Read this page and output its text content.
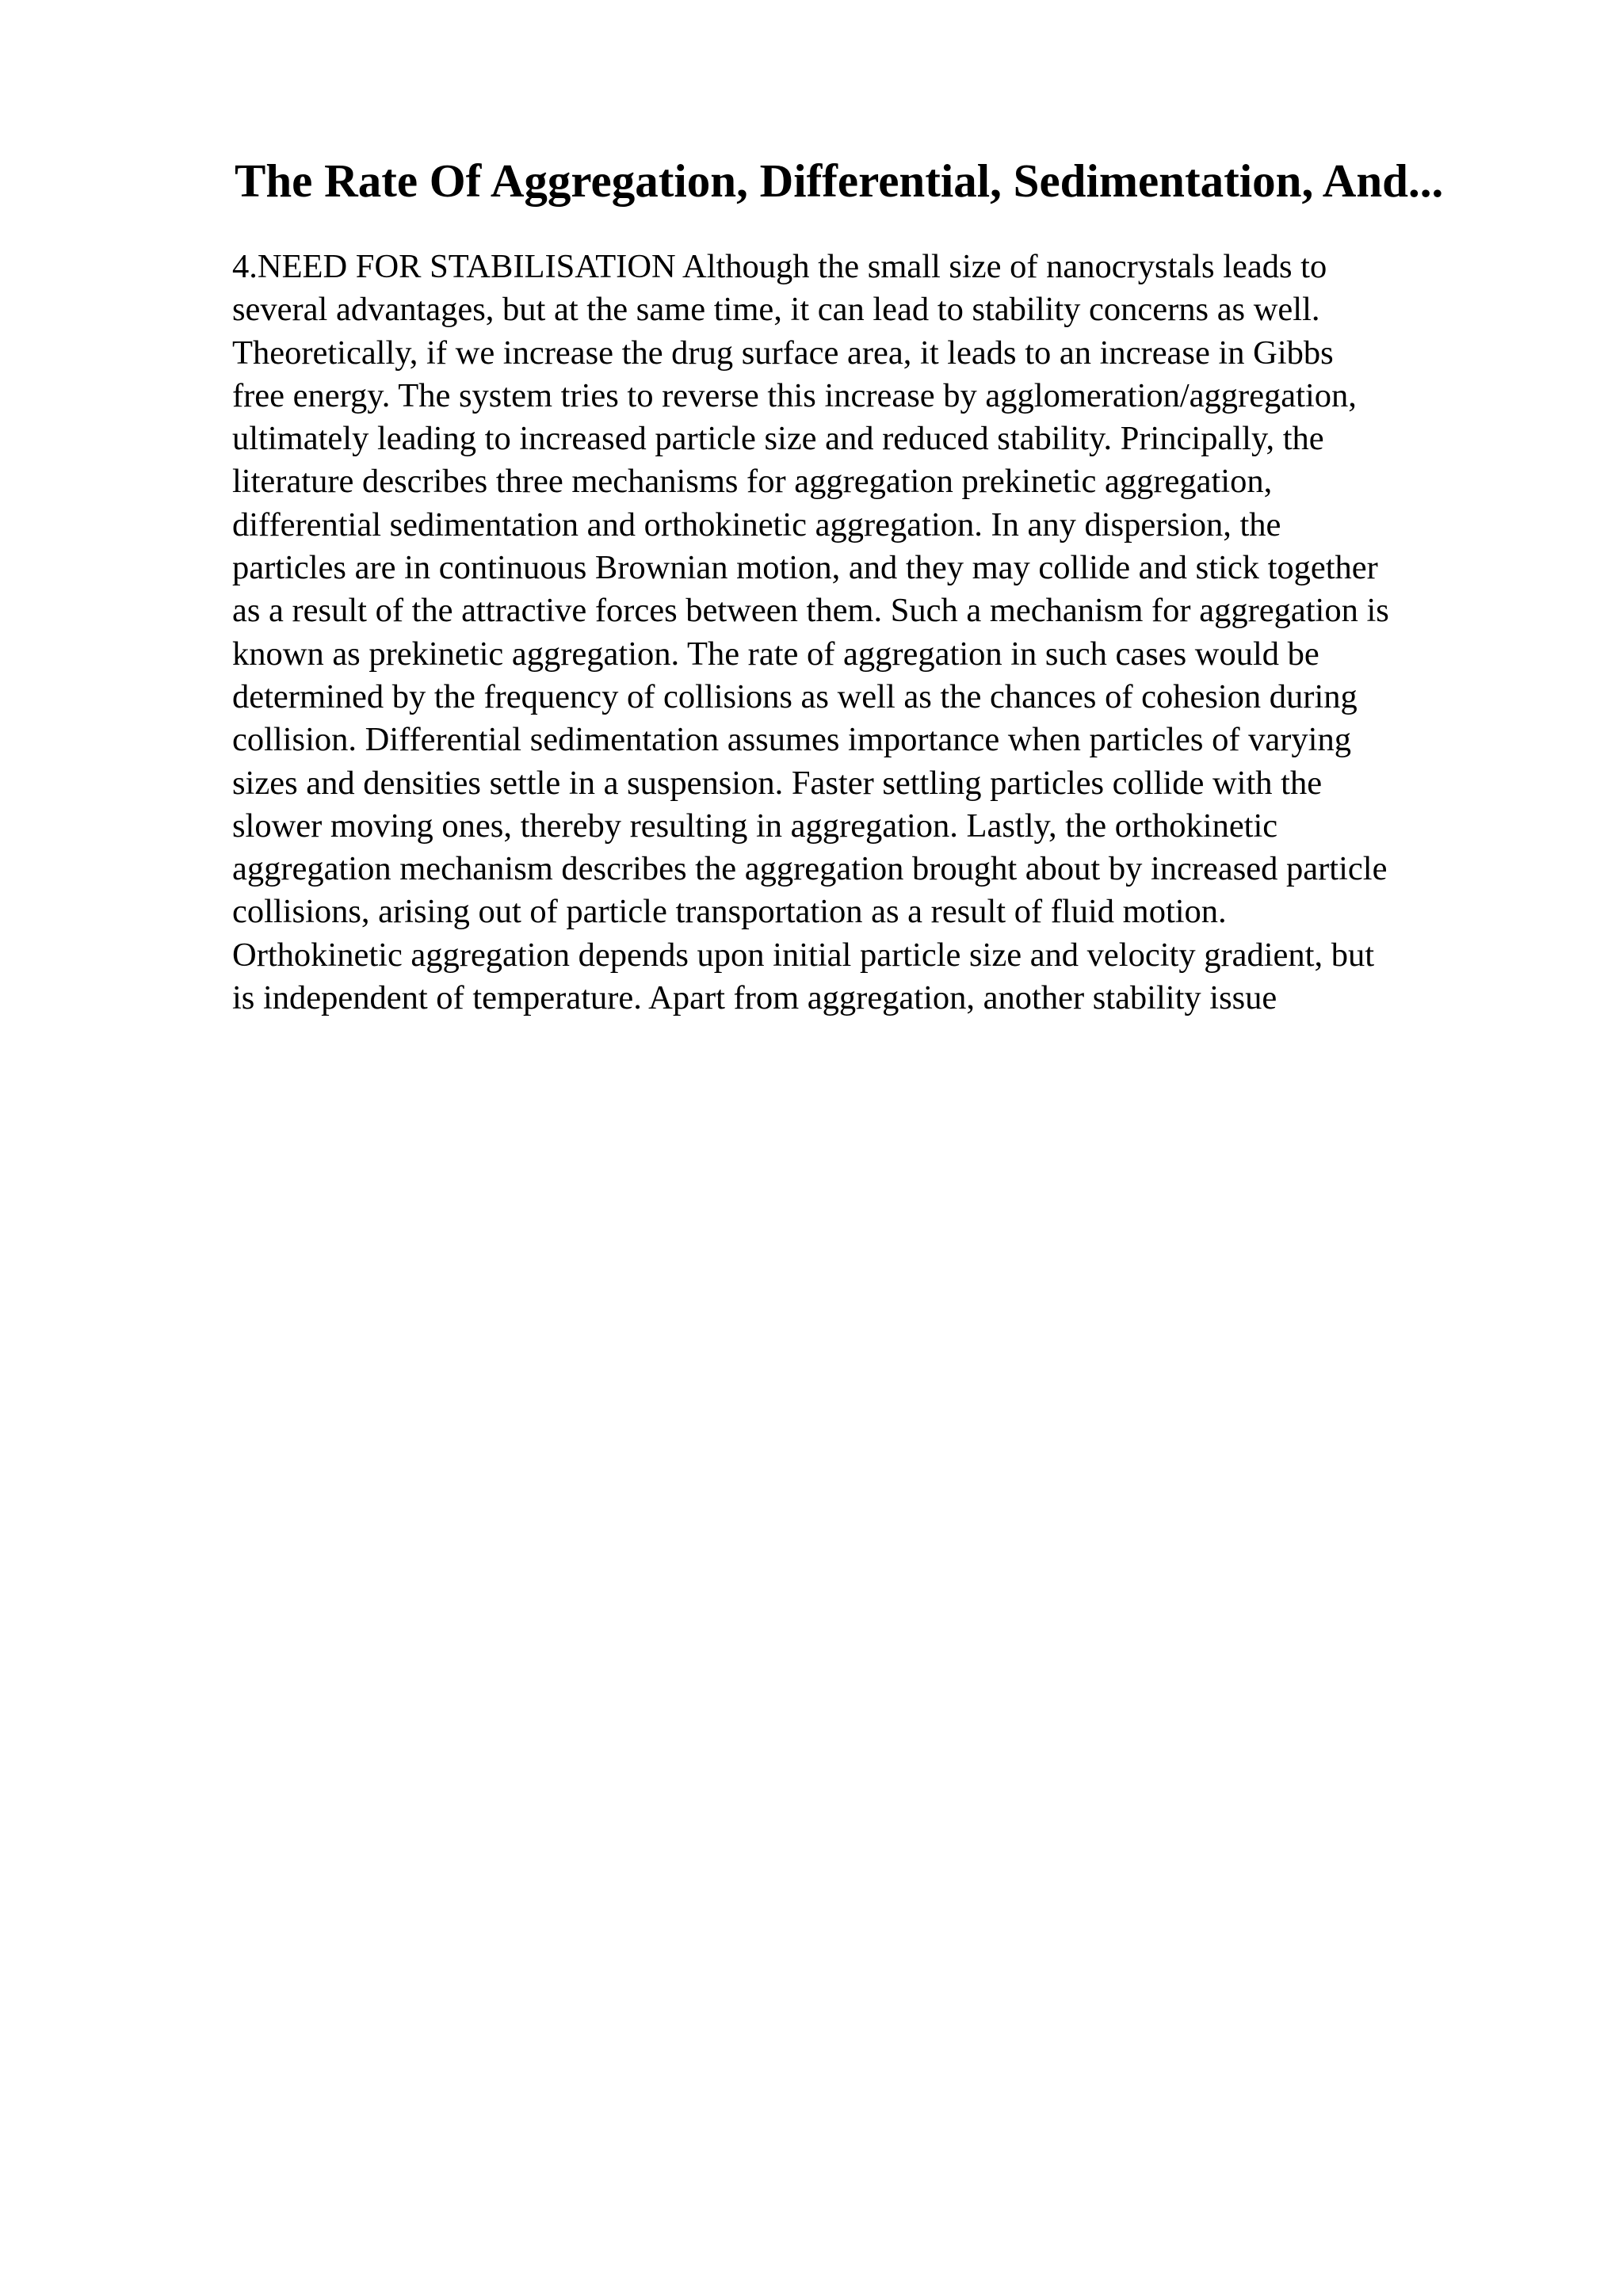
The Rate Of Aggregation, Differential, Sedimentation, And...
4.NEED FOR STABILISATION Although the small size of nanocrystals leads to
several advantages, but at the same time, it can lead to stability concerns as well.
Theoretically, if we increase the drug surface area, it leads to an increase in Gibbs
free energy. The system tries to reverse this increase by agglomeration/aggregation,
ultimately leading to increased particle size and reduced stability. Principally, the
literature describes three mechanisms for aggregation prekinetic aggregation,
differential sedimentation and orthokinetic aggregation. In any dispersion, the
particles are in continuous Brownian motion, and they may collide and stick together
as a result of the attractive forces between them. Such a mechanism for aggregation is
known as prekinetic aggregation. The rate of aggregation in such cases would be
determined by the frequency of collisions as well as the chances of cohesion during
collision. Differential sedimentation assumes importance when particles of varying
sizes and densities settle in a suspension. Faster settling particles collide with the
slower moving ones, thereby resulting in aggregation. Lastly, the orthokinetic
aggregation mechanism describes the aggregation brought about by increased particle
collisions, arising out of particle transportation as a result of fluid motion.
Orthokinetic aggregation depends upon initial particle size and velocity gradient, but
is independent of temperature. Apart from aggregation, another stability issue
